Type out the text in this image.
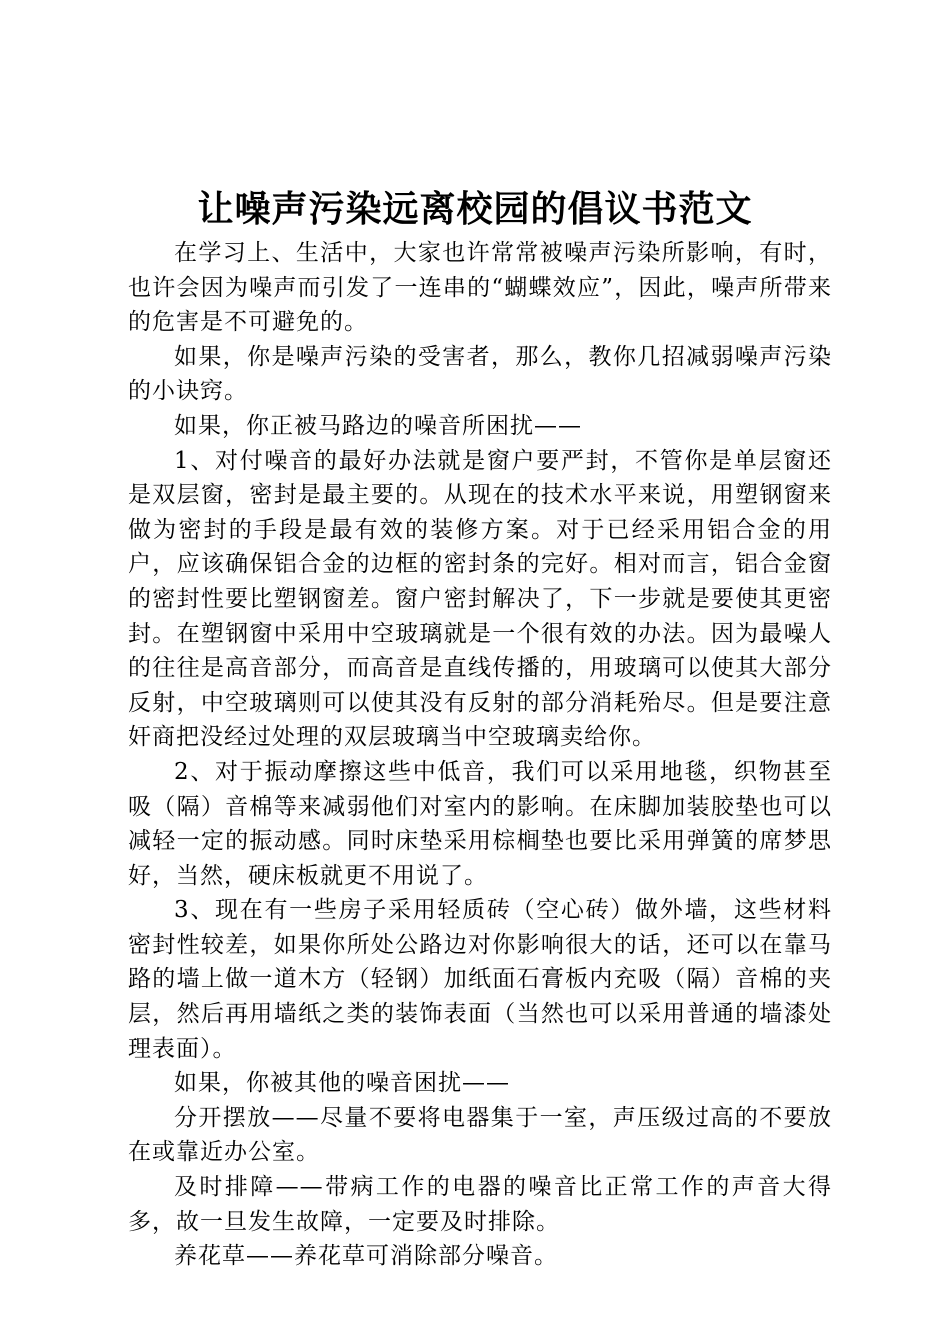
让噪声污染远离校园的倡议书范文

在学习上、生活中，大家也许常常被噪声污染所影响，有时，也许会因为噪声而引发了一连串的“蝴蝶效应”，因此，噪声所带来的危害是不可避免的。

如果，你是噪声污染的受害者，那么，教你几招减弱噪声污染的小诀窍。

如果，你正被马路边的噪音所困扰——

1、对付噪音的最好办法就是窗户要严封，不管你是单层窗还是双层窗，密封是最主要的。从现在的技术水平来说，用塑钢窗来做为密封的手段是最有效的装修方案。对于已经采用铝合金的用户，应该确保铝合金的边框的密封条的完好。相对而言，铝合金窗的密封性要比塑钢窗差。窗户密封解决了，下一步就是要使其更密封。在塑钢窗中采用中空玻璃就是一个很有效的办法。因为最噪人的往往是高音部分，而高音是直线传播的，用玻璃可以使其大部分反射，中空玻璃则可以使其没有反射的部分消耗殆尽。但是要注意奸商把没经过处理的双层玻璃当中空玻璃卖给你。

2、对于振动摩擦这些中低音，我们可以采用地毯，织物甚至吸（隔）音棉等来减弱他们对室内的影响。在床脚加装胶垫也可以减轻一定的振动感。同时床垫采用棕榈垫也要比采用弹簧的席梦思好，当然，硬床板就更不用说了。

3、现在有一些房子采用轻质砖（空心砖）做外墙，这些材料密封性较差，如果你所处公路边对你影响很大的话，还可以在靠马路的墙上做一道木方（轻钢）加纸面石膏板内充吸（隔）音棉的夹层，然后再用墙纸之类的装饰表面（当然也可以采用普通的墙漆处理表面）。

如果，你被其他的噪音困扰——

分开摆放——尽量不要将电器集于一室，声压级过高的不要放在或靠近办公室。

及时排障——带病工作的电器的噪音比正常工作的声音大得多，故一旦发生故障，一定要及时排除。

养花草——养花草可消除部分噪音。
